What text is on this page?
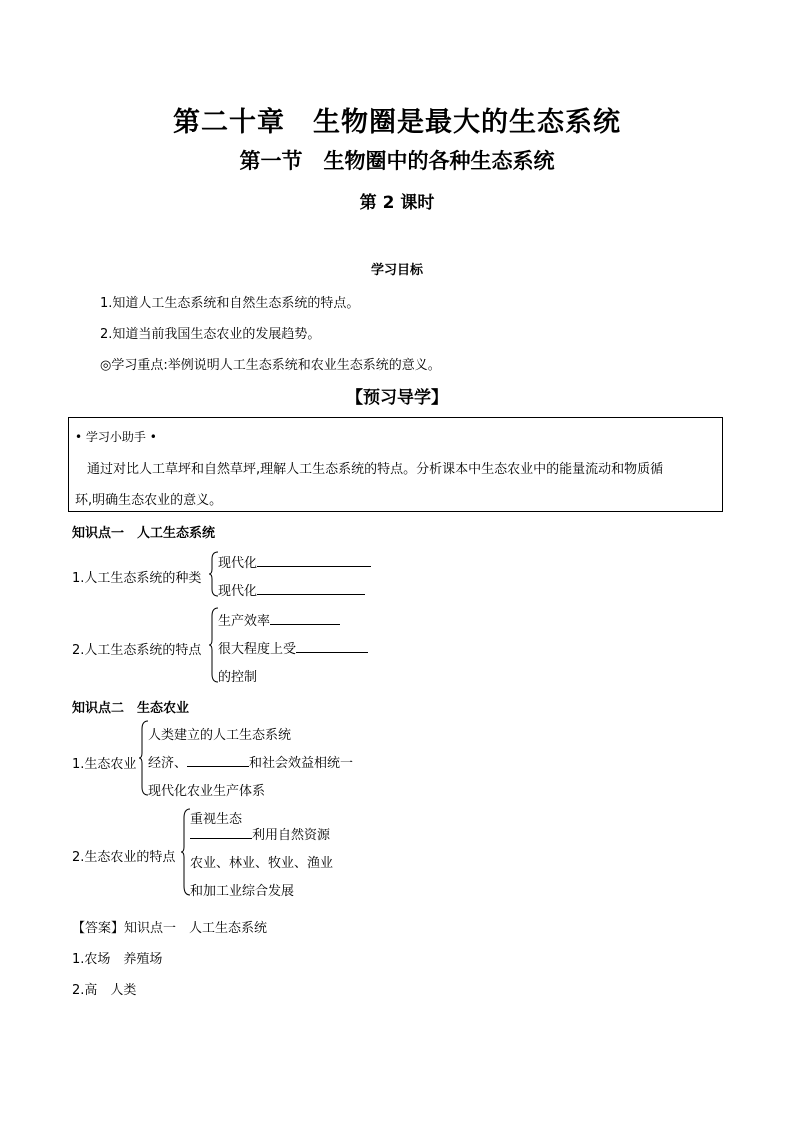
第二十章　生物圈是最大的生态系统
第一节　生物圈中的各种生态系统
第 2 课时
学习目标
1.知道人工生态系统和自然生态系统的特点。
2.知道当前我国生态农业的发展趋势。
◎学习重点:举例说明人工生态系统和农业生态系统的意义。
【预习导学】
• 学习小助手 •
通过对比人工草坪和自然草坪,理解人工生态系统的特点。分析课本中生态农业中的能量流动和物质循
环,明确生态农业的意义。
知识点一　人工生态系统
1.人工生态系统的种类
现代化
现代化
2.人工生态系统的特点
生产效率
很大程度上受
的控制
知识点二　生态农业
1.生态农业
人类建立的人工生态系统
经济、	和社会效益相统一
现代化农业生产体系
2.生态农业的特点
重视生态
利用自然资源
农业、林业、牧业、渔业
和加工业综合发展
【答案】知识点一　人工生态系统
1.农场　养殖场
2.高　人类
